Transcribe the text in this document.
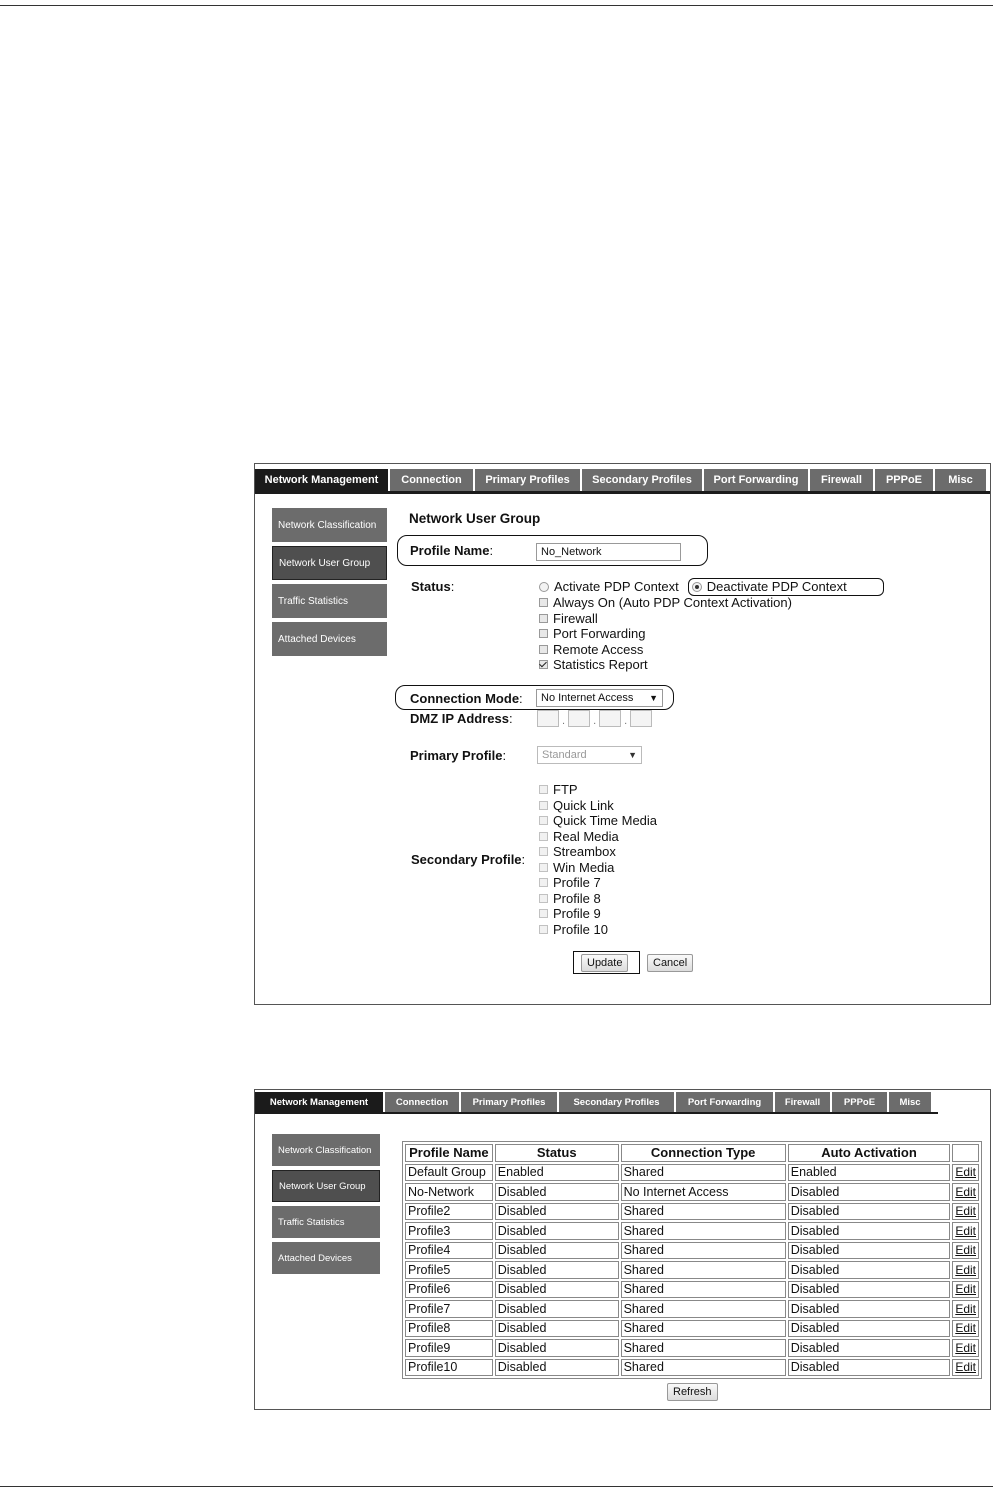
Network Management	Connection	Primary Profiles	Secondary Profiles	Port Forwarding	Firewall	PPPoE	Misc
Network Classification
Network User Group
Traffic Statistics
Attached Devices
Network User Group
Profile Name:	No_Network
Status:	Activate PDP Context Deactivate PDP Context
Always On (Auto PDP Context Activation)
Firewall
Port Forwarding
Remote Access
Statistics Report
Connection Mode: No Internet Access ▼
DMZ IP Address:	.	.	.
Primary Profile:	Standard	▼
Secondary Profile:
FTP
Quick Link
Quick Time Media
Real Media
Streambox
Win Media
Profile 7
Profile 8
Profile 9
Profile 10
Update	Cancel
Network Management	Connection	Primary Profiles	Secondary Profiles	Port Forwarding	Firewall	PPPoE	Misc
Network Classification
Network User Group
Traffic Statistics
Attached Devices
Profile Name	Status	Connection Type	Auto Activation	
Default Group	Enabled	Shared	Enabled	Edit
No-Network	Disabled	No Internet Access	Disabled	Edit
Profile2	Disabled	Shared	Disabled	Edit
Profile3	Disabled	Shared	Disabled	Edit
Profile4	Disabled	Shared	Disabled	Edit
Profile5	Disabled	Shared	Disabled	Edit
Profile6	Disabled	Shared	Disabled	Edit
Profile7	Disabled	Shared	Disabled	Edit
Profile8	Disabled	Shared	Disabled	Edit
Profile9	Disabled	Shared	Disabled	Edit
Profile10	Disabled	Shared	Disabled	Edit
Refresh
